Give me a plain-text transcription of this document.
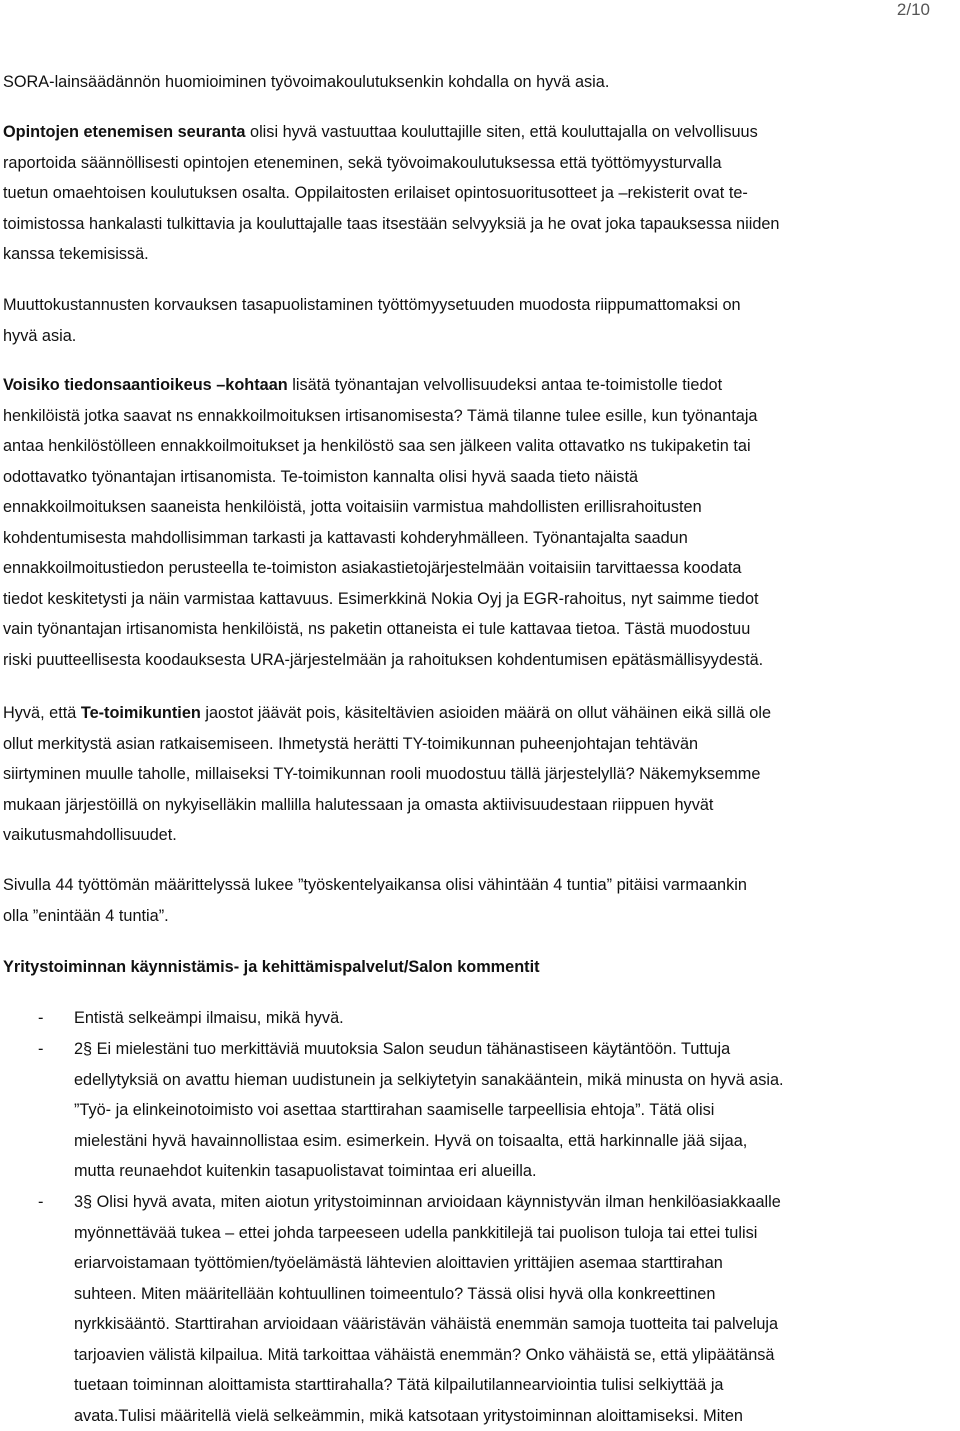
2/10

SORA-lainsäädännön huomioiminen työvoimakoulutuksenkin kohdalla on hyvä asia.

Opintojen etenemisen seuranta olisi hyvä vastuuttaa kouluttajille siten, että kouluttajalla on velvollisuus
raportoida säännöllisesti opintojen eteneminen, sekä työvoimakoulutuksessa että työttömyysturvalla
tuetun omaehtoisen koulutuksen osalta. Oppilaitosten erilaiset opintosuoritusotteet ja –rekisterit ovat te-
toimistossa hankalasti tulkittavia ja kouluttajalle taas itsestään selvyyksiä ja he ovat joka tapauksessa niiden
kanssa tekemisissä.

Muuttokustannusten korvauksen tasapuolistaminen työttömyysetuuden muodosta riippumattomaksi on
hyvä asia.

Voisiko tiedonsaantioikeus –kohtaan lisätä työnantajan velvollisuudeksi antaa te-toimistolle tiedot
henkilöistä jotka saavat ns ennakkoilmoituksen irtisanomisesta? Tämä tilanne tulee esille, kun työnantaja
antaa henkilöstölleen ennakkoilmoitukset ja henkilöstö saa sen jälkeen valita ottavatko ns tukipaketin tai
odottavatko työnantajan irtisanomista. Te-toimiston kannalta olisi hyvä saada tieto näistä
ennakkoilmoituksen saaneista henkilöistä, jotta voitaisiin varmistua mahdollisten erillisrahoitusten
kohdentumisesta mahdollisimman tarkasti ja kattavasti kohderyhmälleen. Työnantajalta saadun
ennakkoilmoitustiedon perusteella te-toimiston asiakastietojärjestelmään voitaisiin tarvittaessa koodata
tiedot keskitetysti ja näin varmistaa kattavuus. Esimerkkinä Nokia Oyj ja EGR-rahoitus, nyt saimme tiedot
vain työnantajan irtisanomista henkilöistä, ns paketin ottaneista ei tule kattavaa tietoa. Tästä muodostuu
riski puutteellisesta koodauksesta URA-järjestelmään ja rahoituksen kohdentumisen epätäsmällisyydestä.

Hyvä, että Te-toimikuntien jaostot jäävät pois, käsiteltävien asioiden määrä on ollut vähäinen eikä sillä ole
ollut merkitystä asian ratkaisemiseen. Ihmetystä herätti TY-toimikunnan puheenjohtajan tehtävän
siirtyminen muulle taholle, millaiseksi TY-toimikunnan rooli muodostuu tällä järjestelyllä? Näkemyksemme
mukaan järjestöillä on nykyiselläkin mallilla halutessaan ja omasta aktiivisuudestaan riippuen hyvät
vaikutusmahdollisuudet.

Sivulla 44 työttömän määrittelyssä lukee ”työskentelyaikansa olisi vähintään 4 tuntia” pitäisi varmaankin
olla ”enintään 4 tuntia”.

Yritystoiminnan käynnistämis- ja kehittämispalvelut/Salon kommentit

- Entistä selkeämpi ilmaisu, mikä hyvä.

- 2§ Ei mielestäni tuo merkittäviä muutoksia Salon seudun tähänastiseen käytäntöön. Tuttuja
edellytyksiä on avattu hieman uudistunein ja selkiytetyin sanakääntein, mikä minusta on hyvä asia.
”Työ- ja elinkeinotoimisto voi asettaa starttirahan saamiselle tarpeellisia ehtoja”. Tätä olisi
mielestäni hyvä havainnollistaa esim. esimerkein. Hyvä on toisaalta, että harkinnalle jää sijaa,
mutta reunaehdot kuitenkin tasapuolistavat toimintaa eri alueilla.

- 3§ Olisi hyvä avata, miten aiotun yritystoiminnan arvioidaan käynnistyvän ilman henkilöasiakkaalle
myönnettävää tukea – ettei johda tarpeeseen udella pankkitilejä tai puolison tuloja tai ettei tulisi
eriarvoistamaan työttömien/työelämästä lähtevien aloittavien yrittäjien asemaa starttirahan
suhteen. Miten määritellään kohtuullinen toimeentulo? Tässä olisi hyvä olla konkreettinen
nyrkkisääntö. Starttirahan arvioidaan vääristävän vähäistä enemmän samoja tuotteita tai palveluja
tarjoavien välistä kilpailua. Mitä tarkoittaa vähäistä enemmän? Onko vähäistä se, että ylipäätänsä
tuetaan toiminnan aloittamista starttirahalla? Tätä kilpailutilannearviointia tulisi selkiyttää ja
avata.Tulisi määritellä vielä selkeämmin, mikä katsotaan yritystoiminnan aloittamiseksi. Miten
